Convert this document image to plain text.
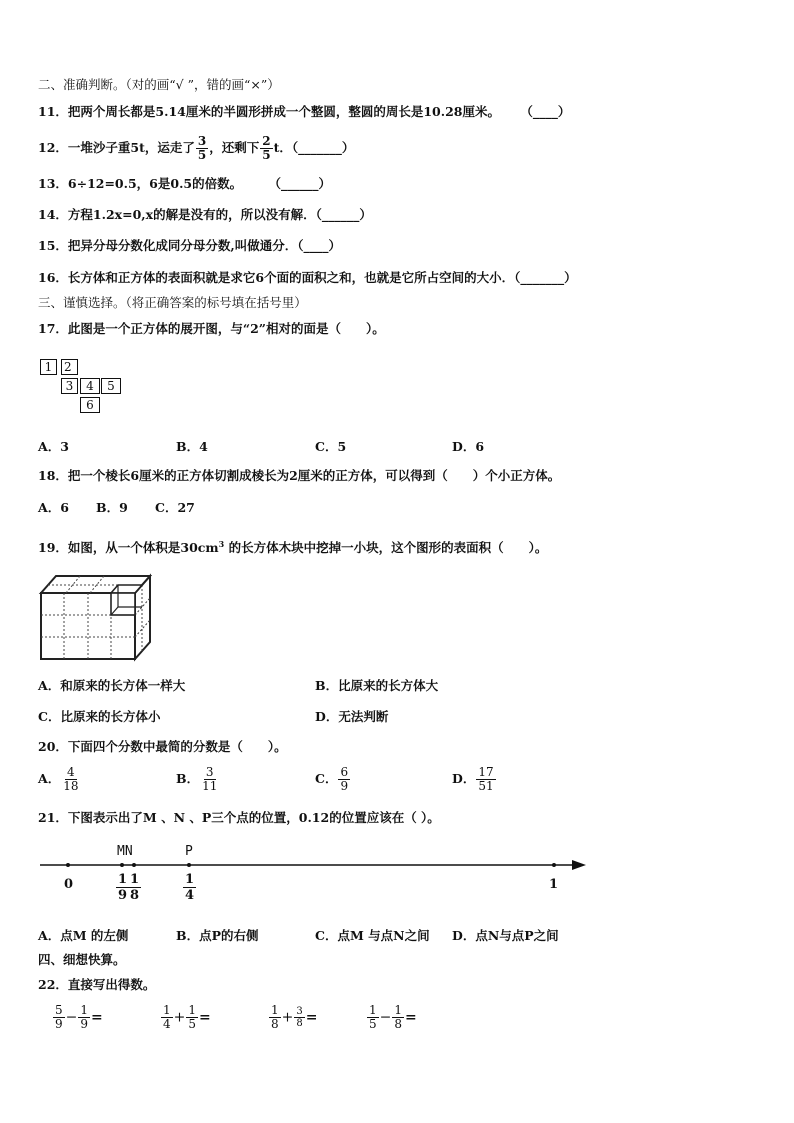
二、准确判断。（对的画“√ ”，错的画“×”）
11．把两个周长都是5.14厘米的半圆形拼成一个整圆，整圆的周长是10.28厘米。 （____）
12．一堆沙子重5t，运走了 $\frac{3}{5}$ ，还剩下 $\frac{2}{5}$ t．（_______）
13．6÷12=0.5，6是0.5的倍数。 （______）
14．方程1.2x=0,x的解是没有的，所以没有解．（______）
15．把异分母分数化成同分母分数,叫做通分．（____）
16．长方体和正方体的表面积就是求它6个面的面积之和，也就是它所占空间的大小．（_______）
三、谨慎选择。（将正确答案的标号填在括号里）
17．此图是一个正方体的展开图，与“2”相对的面是（　　）。
1 2
3	4	5
6
A．3	B．4	C．5	D．6
18．把一个棱长6厘米的正方体切割成棱长为2厘米的正方体，可以得到（　　）个小正方体。
A．6 B．9 C．27
19．如图，从一个体积是$30cm^3$ 的长方体木块中挖掉一小块，这个图形的表面积（　　）。
A．和原来的长方体一样大	B．比原来的长方体大
C．比原来的长方体小	D．无法判断
20．下面四个分数中最简的分数是（　　）。
A． $\frac{4}{18}$	B． $\frac{3}{11}$	C． $\frac{6}{9}$	D． $\frac{17}{51}$
21．下图表示出了M 、N 、P三个点的位置，0.12的位置应该在（ ）。
MN	P
0	1
$\frac{1}{9}$
$\frac{1}{8}$	$\frac{1}{4}$
A．点M 的左侧	B．点P的右侧	C．点M 与点N之间 D．点N与点P之间
四、细想快算。
22．直接写出得数。
$\frac{5}{9} - \frac{1}{9}$ =	$\frac{1}{4} + \frac{1}{5}$ =	$\frac{1}{8} + \frac{3}{8}$ =	$\frac{1}{5} - \frac{1}{8}$ =
